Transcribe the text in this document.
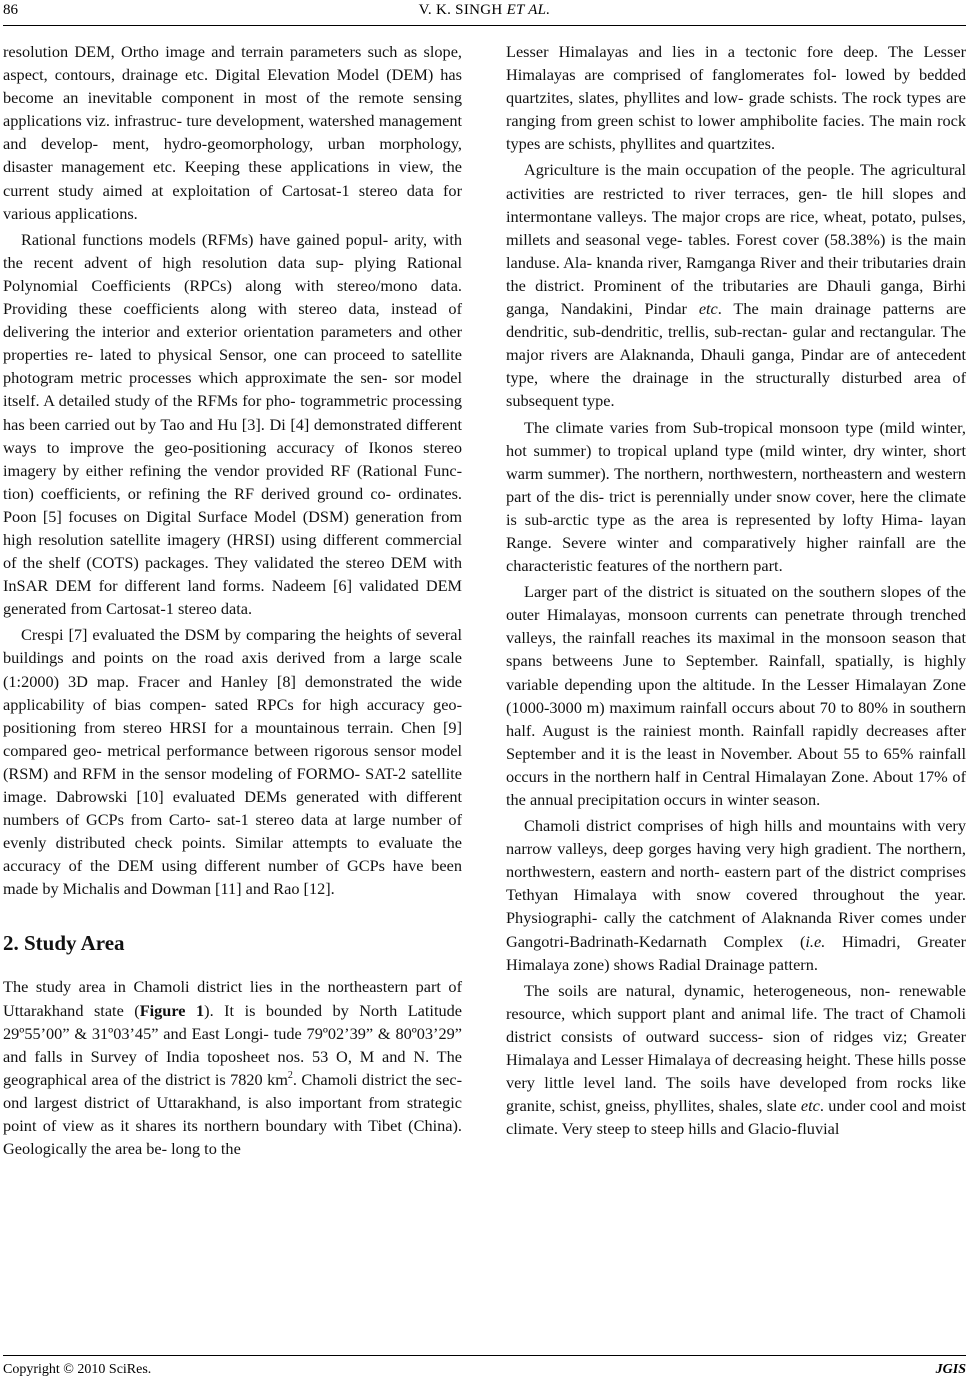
86	V. K. SINGH ET AL.

resolution DEM, Ortho image and terrain parameters such as slope, aspect, contours, drainage etc. Digital Elevation Model (DEM) has become an inevitable component in most of the remote sensing applications viz. infrastruc- ture development, watershed management and develop- ment, hydro-geomorphology, urban morphology, disaster management etc. Keeping these applications in view, the current study aimed at exploitation of Cartosat-1 stereo data for various applications.

Rational functions models (RFMs) have gained popul- arity, with the recent advent of high resolution data sup- plying Rational Polynomial Coefficients (RPCs) along with stereo/mono data. Providing these coefficients along with stereo data, instead of delivering the interior and exterior orientation parameters and other properties re- lated to physical Sensor, one can proceed to satellite photogram metric processes which approximate the sen- sor model itself. A detailed study of the RFMs for pho- togrammetric processing has been carried out by Tao and Hu [3]. Di [4] demonstrated different ways to improve the geo-positioning accuracy of Ikonos stereo imagery by either refining the vendor provided RF (Rational Func- tion) coefficients, or refining the RF derived ground co- ordinates. Poon [5] focuses on Digital Surface Model (DSM) generation from high resolution satellite imagery (HRSI) using different commercial of the shelf (COTS) packages. They validated the stereo DEM with InSAR DEM for different land forms. Nadeem [6] validated DEM generated from Cartosat-1 stereo data.

Crespi [7] evaluated the DSM by comparing the heights of several buildings and points on the road axis derived from a large scale (1:2000) 3D map. Fracer and Hanley [8] demonstrated the wide applicability of bias compen- sated RPCs for high accuracy geo-positioning from stereo HRSI for a mountainous terrain. Chen [9] compared geo- metrical performance between rigorous sensor model (RSM) and RFM in the sensor modeling of FORMO- SAT-2 satellite image. Dabrowski [10] evaluated DEMs generated with different numbers of GCPs from Carto- sat-1 stereo data at large number of evenly distributed check points. Similar attempts to evaluate the accuracy of the DEM using different number of GCPs have been made by Michalis and Dowman [11] and Rao [12].

2. Study Area

The study area in Chamoli district lies in the northeastern part of Uttarakhand state (Figure 1). It is bounded by North Latitude 29º55’00” & 31º03’45” and East Longi- tude 79º02’39” & 80º03’29” and falls in Survey of India toposheet nos. 53 O, M and N. The geographical area of the district is 7820 $km^2$. Chamoli district the sec- ond largest district of Uttarakhand, is also important from strategic point of view as it shares its northern boundary with Tibet (China). Geologically the area be- long to the

Lesser Himalayas and lies in a tectonic fore deep. The Lesser Himalayas are comprised of fanglomerates fol- lowed by bedded quartzites, slates, phyllites and low- grade schists. The rock types are ranging from green schist to lower amphibolite facies. The main rock types are schists, phyllites and quartzites.

Agriculture is the main occupation of the people. The agricultural activities are restricted to river terraces, gen- tle hill slopes and intermontane valleys. The major crops are rice, wheat, potato, pulses, millets and seasonal vege- tables. Forest cover (58.38%) is the main landuse. Ala- knanda river, Ramganga River and their tributaries drain the district. Prominent of the tributaries are Dhauli ganga, Birhi ganga, Nandakini, Pindar etc. The main drainage patterns are dendritic, sub-dendritic, trellis, sub-rectan- gular and rectangular. The major rivers are Alaknanda, Dhauli ganga, Pindar are of antecedent type, where the drainage in the structurally disturbed area of subsequent type.

The climate varies from Sub-tropical monsoon type (mild winter, hot summer) to tropical upland type (mild winter, dry winter, short warm summer). The northern, northwestern, northeastern and western part of the dis- trict is perennially under snow cover, here the climate is sub-arctic type as the area is represented by lofty Hima- layan Range. Severe winter and comparatively higher rainfall are the characteristic features of the northern part.

Larger part of the district is situated on the southern slopes of the outer Himalayas, monsoon currents can penetrate through trenched valleys, the rainfall reaches its maximal in the monsoon season that spans betweens June to September. Rainfall, spatially, is highly variable depending upon the altitude. In the Lesser Himalayan Zone (1000-3000 m) maximum rainfall occurs about 70 to 80% in southern half. August is the rainiest month. Rainfall rapidly decreases after September and it is the least in November. About 55 to 65% rainfall occurs in the northern half in Central Himalayan Zone. About 17% of the annual precipitation occurs in winter season.

Chamoli district comprises of high hills and mountains with very narrow valleys, deep gorges having very high gradient. The northern, northwestern, eastern and north- eastern part of the district comprises Tethyan Himalaya with snow covered throughout the year. Physiographi- cally the catchment of Alaknanda River comes under Gangotri-Badrinath-Kedarnath Complex (i.e. Himadri, Greater Himalaya zone) shows Radial Drainage pattern.

The soils are natural, dynamic, heterogeneous, non- renewable resource, which support plant and animal life. The tract of Chamoli district consists of outward success- sion of ridges viz; Greater Himalaya and Lesser Himalaya of decreasing height. These hills posse very little level land. The soils have developed from rocks like granite, schist, gneiss, phyllites, shales, slate etc. under cool and moist climate. Very steep to steep hills and Glacio-fluvial

Copyright © 2010 SciRes.	JGIS
